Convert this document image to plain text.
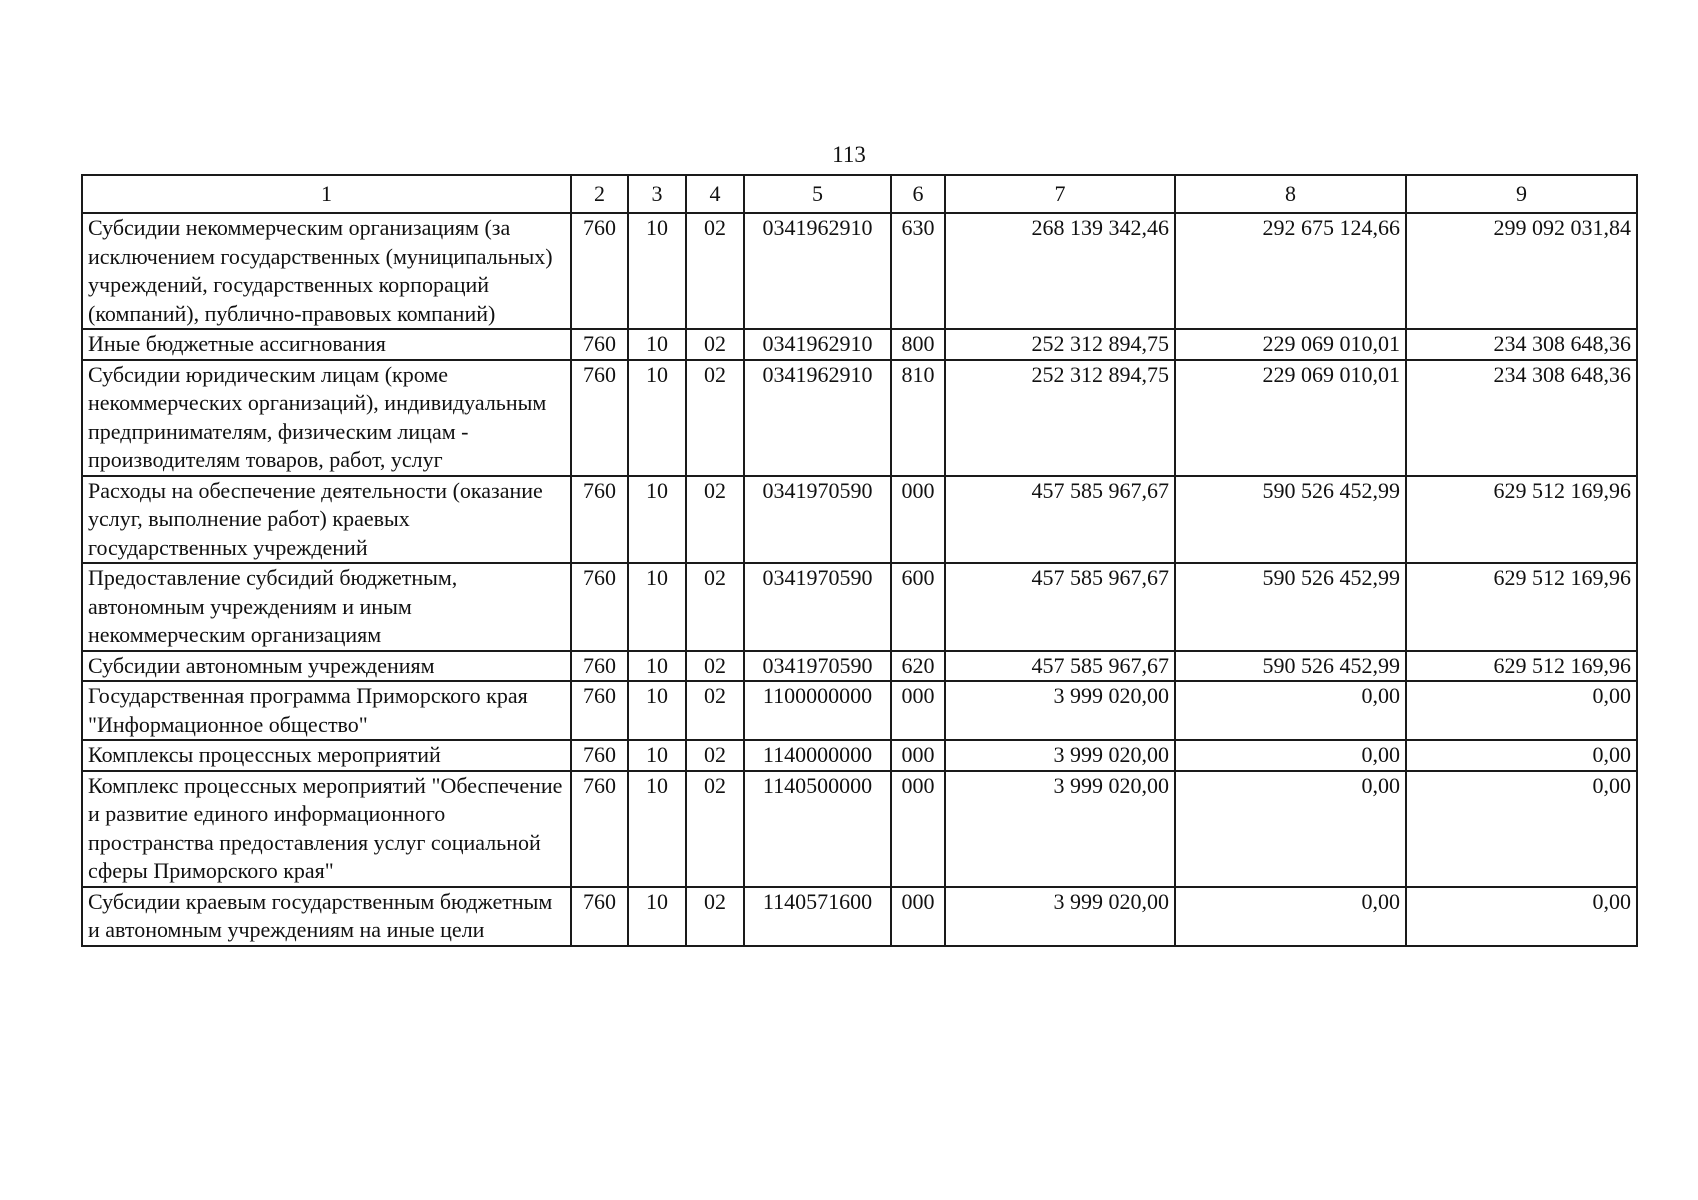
113
1	2	3	4	5	6	7	8	9
Субсидии некоммерческим организациям (за исключением государственных (муниципальных) учреждений, государственных корпораций (компаний), публично-правовых компаний)	760	10	02	0341962910	630	268 139 342,46	292 675 124,66	299 092 031,84
Иные бюджетные ассигнования	760	10	02	0341962910	800	252 312 894,75	229 069 010,01	234 308 648,36
Субсидии юридическим лицам (кроме некоммерческих организаций), индивидуальным предпринимателям, физическим лицам - производителям товаров, работ, услуг	760	10	02	0341962910	810	252 312 894,75	229 069 010,01	234 308 648,36
Расходы на обеспечение деятельности (оказание услуг, выполнение работ) краевых государственных учреждений	760	10	02	0341970590	000	457 585 967,67	590 526 452,99	629 512 169,96
Предоставление субсидий бюджетным, автономным учреждениям и иным некоммерческим организациям	760	10	02	0341970590	600	457 585 967,67	590 526 452,99	629 512 169,96
Субсидии автономным учреждениям	760	10	02	0341970590	620	457 585 967,67	590 526 452,99	629 512 169,96
Государственная программа Приморского края "Информационное общество"	760	10	02	1100000000	000	3 999 020,00	0,00	0,00
Комплексы процессных мероприятий	760	10	02	1140000000	000	3 999 020,00	0,00	0,00
Комплекс процессных мероприятий "Обеспечение и развитие единого информационного пространства предоставления услуг социальной сферы Приморского края"	760	10	02	1140500000	000	3 999 020,00	0,00	0,00
Субсидии краевым государственным бюджетным и автономным учреждениям на иные цели	760	10	02	1140571600	000	3 999 020,00	0,00	0,00
